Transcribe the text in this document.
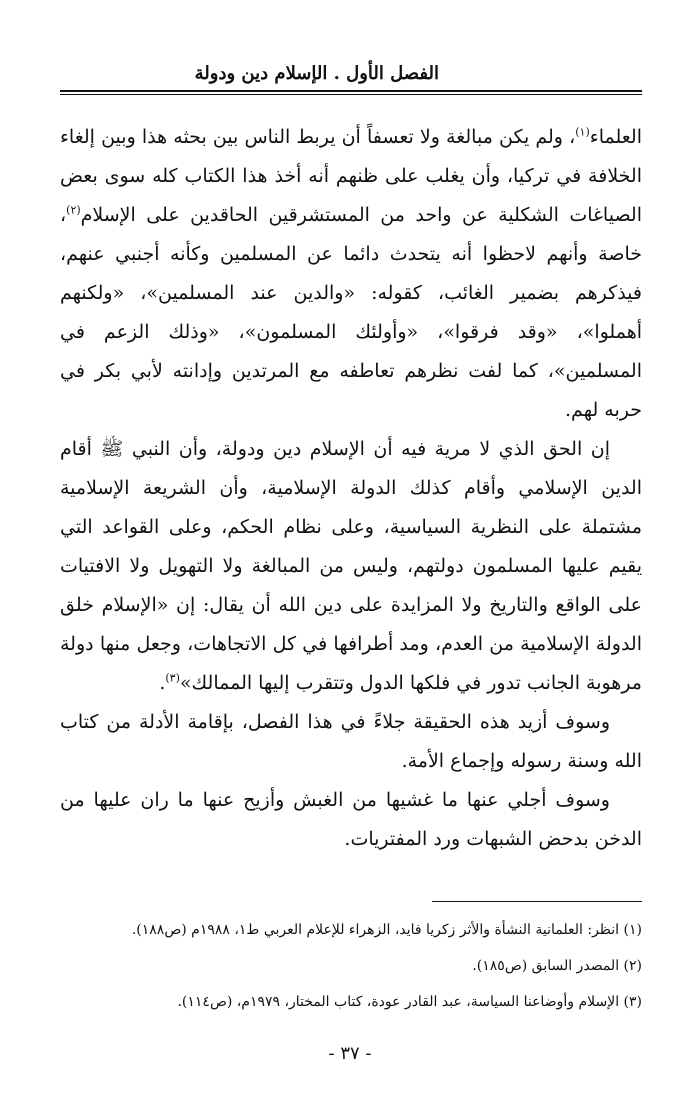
الفصل الأول . الإسلام دين ودولة

العلماء$^{(١)}$، ولم يكن مبالغة ولا تعسفاً أن يربط الناس بين بحثه هذا وبين إلغاء الخلافة في تركيا، وأن يغلب على ظنهم أنه أخذ هذا الكتاب كله سوى بعض الصياغات الشكلية عن واحد من المستشرقين الحاقدين على الإسلام$^{(٢)}$، خاصة وأنهم لاحظوا أنه يتحدث دائما عن المسلمين وكأنه أجنبي عنهم، فيذكرهم بضمير الغائب، كقوله: «والدين عند المسلمين»، «ولكنهم أهملوا»، «وقد فرقوا»، «وأولئك المسلمون»، «وذلك الزعم في المسلمين»، كما لفت نظرهم تعاطفه مع المرتدين وإدانته لأبي بكر في حربه لهم.

إن الحق الذي لا مرية فيه أن الإسلام دين ودولة، وأن النبي ﷺ أقام الدين الإسلامي وأقام كذلك الدولة الإسلامية، وأن الشريعة الإسلامية مشتملة على النظرية السياسية، وعلى نظام الحكم، وعلى القواعد التي يقيم عليها المسلمون دولتهم، وليس من المبالغة ولا التهويل ولا الافتيات على الواقع والتاريخ ولا المزايدة على دين الله أن يقال: إن «الإسلام خلق الدولة الإسلامية من العدم، ومد أطرافها في كل الاتجاهات، وجعل منها دولة مرهوبة الجانب تدور في فلكها الدول وتتقرب إليها الممالك»$^{(٣)}$.

وسوف أزيد هذه الحقيقة جلاءً في هذا الفصل، بإقامة الأدلة من كتاب الله وسنة رسوله وإجماع الأمة.

وسوف أجلي عنها ما غشيها من الغبش وأزيح عنها ما ران عليها من الدخن بدحض الشبهات ورد المفتريات.

(١) انظر: العلمانية النشأة والأثر زكريا فايد، الزهراء للإعلام العربي ط١، ١٩٨٨م (ص١٨٨).

(٢) المصدر السابق (ص١٨٥).

(٣) الإسلام وأوضاعنا السياسة، عبد القادر عودة، كتاب المختار، ١٩٧٩م، (ص١١٤).

- ٣٧ -
